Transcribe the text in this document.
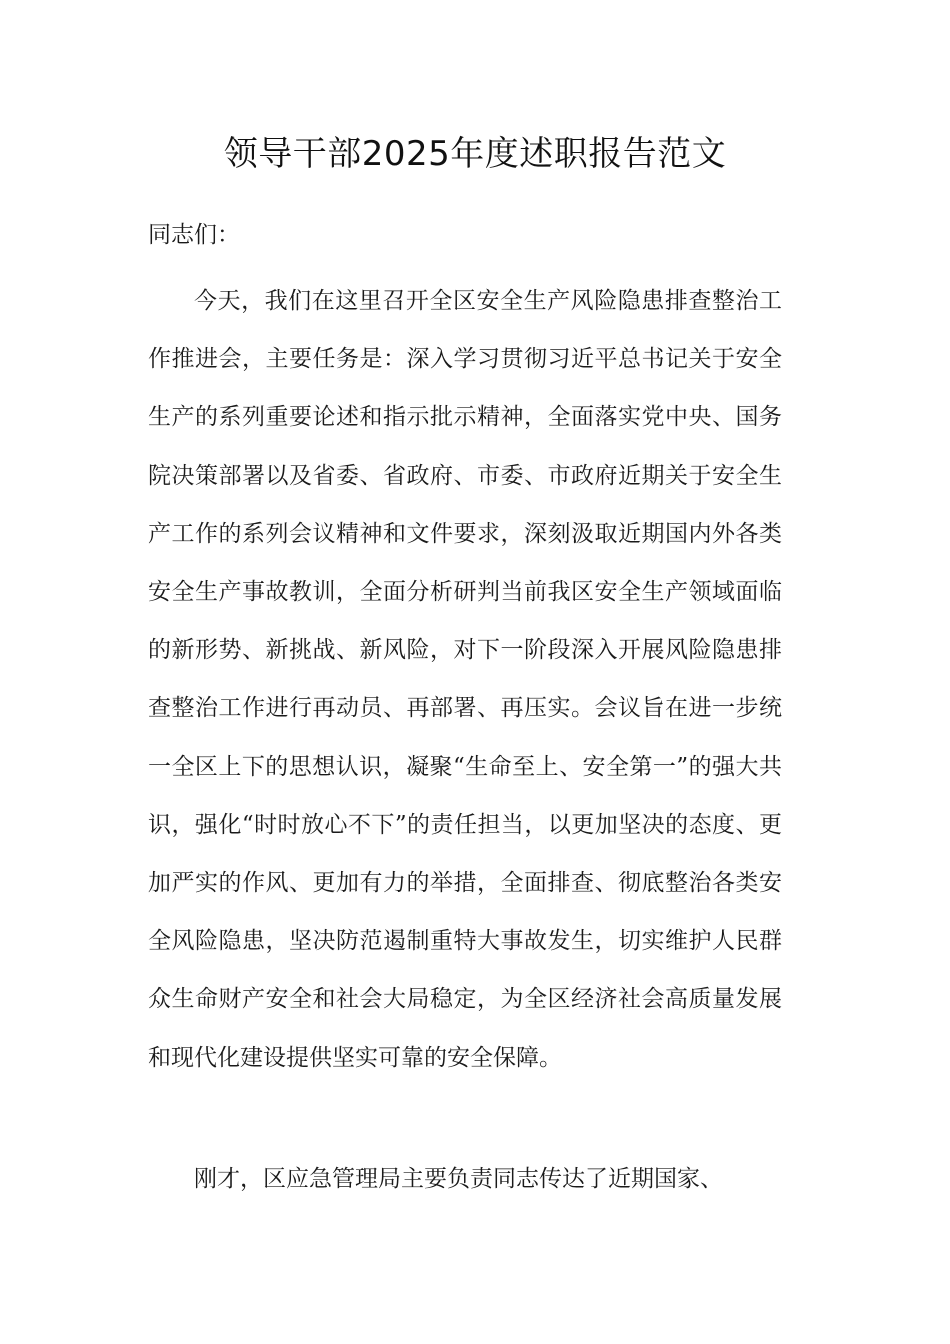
领导干部2025年度述职报告范文
同志们：

今天，我们在这里召开全区安全生产风险隐患排查整治工作推进会，主要任务是：深入学习贯彻习近平总书记关于安全生产的系列重要论述和指示批示精神，全面落实党中央、国务院决策部署以及省委、省政府、市委、市政府近期关于安全生产工作的系列会议精神和文件要求，深刻汲取近期国内外各类安全生产事故教训，全面分析研判当前我区安全生产领域面临的新形势、新挑战、新风险，对下一阶段深入开展风险隐患排查整治工作进行再动员、再部署、再压实。会议旨在进一步统一全区上下的思想认识，凝聚“生命至上、安全第一”的强大共识，强化“时时放心不下”的责任担当，以更加坚决的态度、更加严实的作风、更加有力的举措，全面排查、彻底整治各类安全风险隐患，坚决防范遏制重特大事故发生，切实维护人民群众生命财产安全和社会大局稳定，为全区经济社会高质量发展和现代化建设提供坚实可靠的安全保障。

刚才，区应急管理局主要负责同志传达了近期国家、
